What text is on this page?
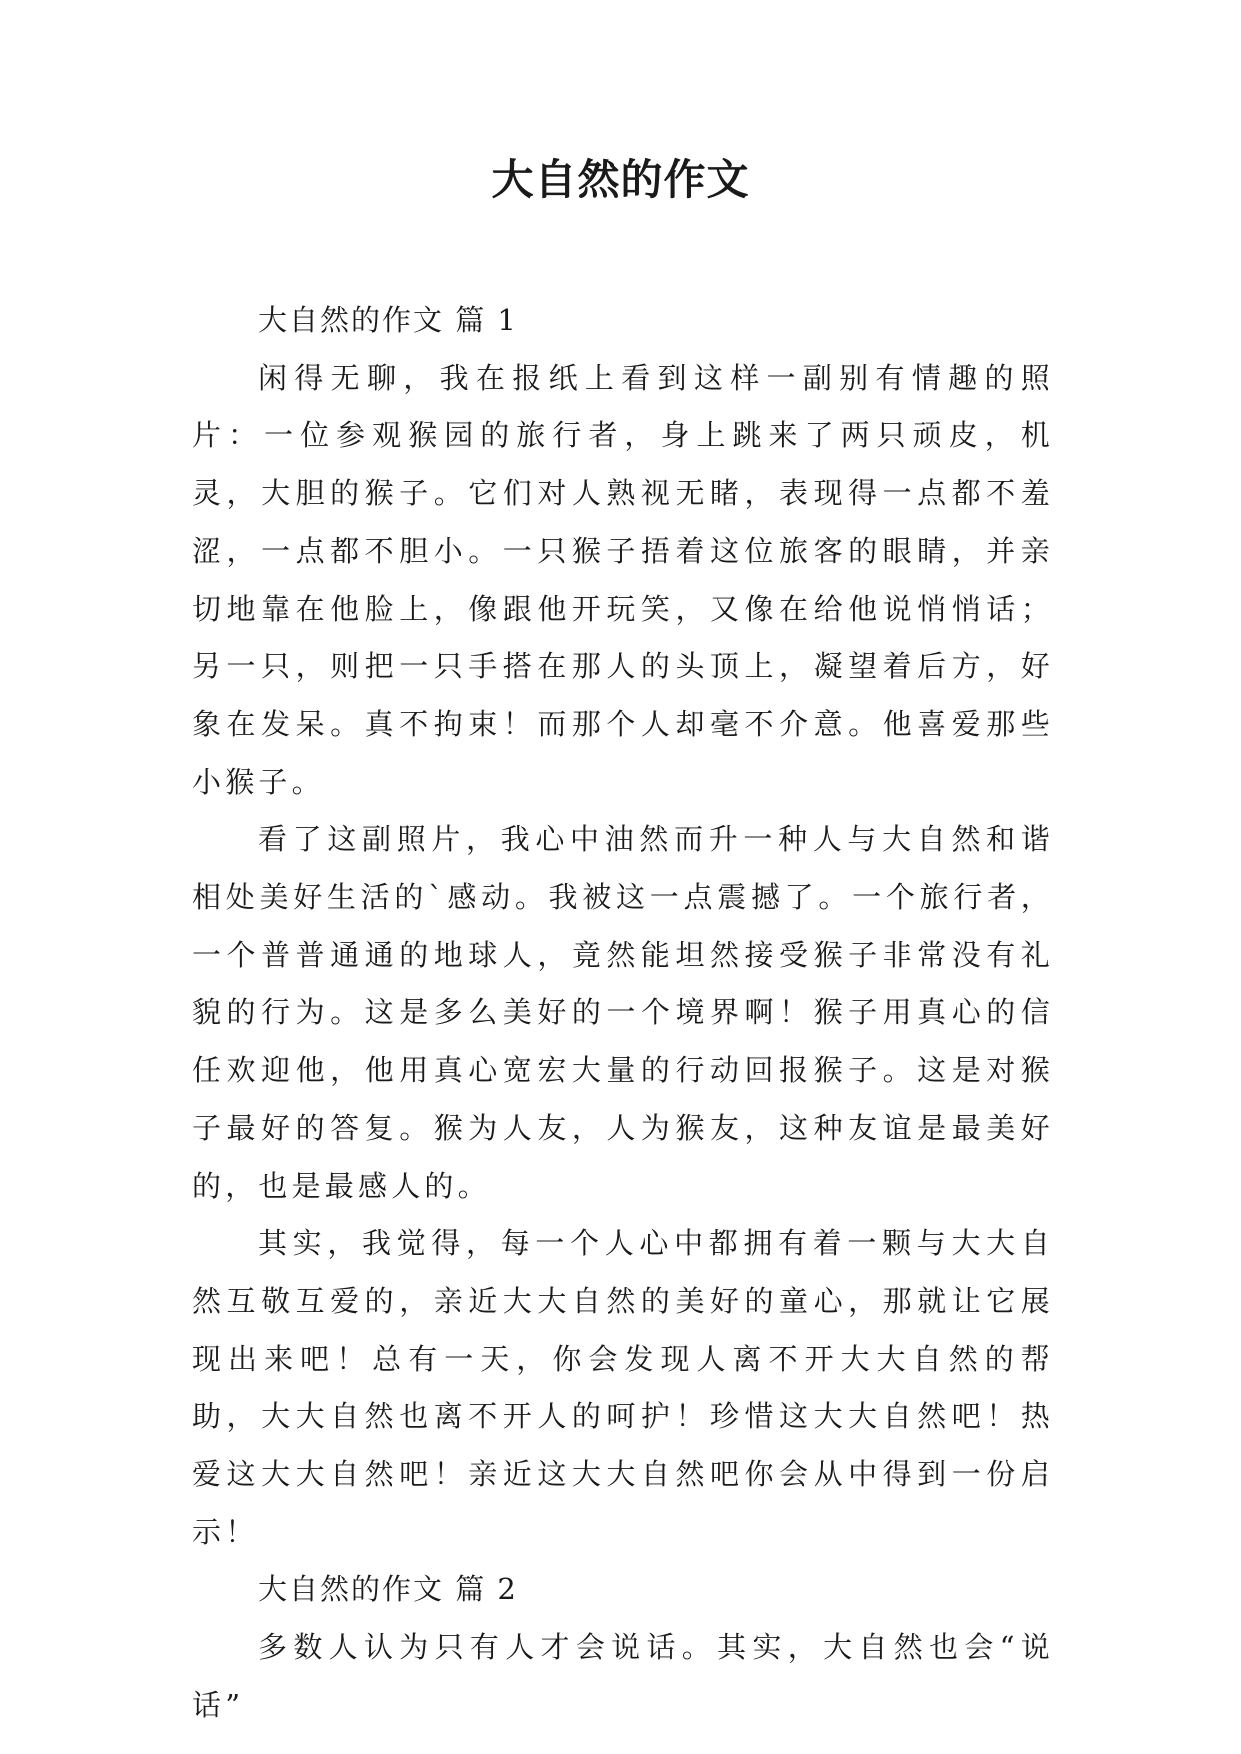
大自然的作文

大自然的作文 篇 1

闲得无聊，我在报纸上看到这样一副别有情趣的照片：一位参观猴园的旅行者，身上跳来了两只顽皮，机灵，大胆的猴子。它们对人熟视无睹，表现得一点都不羞涩，一点都不胆小。一只猴子捂着这位旅客的眼睛，并亲切地靠在他脸上，像跟他开玩笑，又像在给他说悄悄话；另一只，则把一只手搭在那人的头顶上，凝望着后方，好象在发呆。真不拘束！而那个人却毫不介意。他喜爱那些小猴子。

看了这副照片，我心中油然而升一种人与大自然和谐相处美好生活的`感动。我被这一点震撼了。一个旅行者，一个普普通通的地球人，竟然能坦然接受猴子非常没有礼貌的行为。这是多么美好的一个境界啊！猴子用真心的信任欢迎他，他用真心宽宏大量的行动回报猴子。这是对猴子最好的答复。猴为人友，人为猴友，这种友谊是最美好的，也是最感人的。

其实，我觉得，每一个人心中都拥有着一颗与大大自然互敬互爱的，亲近大大自然的美好的童心，那就让它展现出来吧！总有一天，你会发现人离不开大大自然的帮助，大大自然也离不开人的呵护！珍惜这大大自然吧！热爱这大大自然吧！亲近这大大自然吧你会从中得到一份启示！

大自然的作文 篇 2

多数人认为只有人才会说话。其实，大自然也会“说话”
